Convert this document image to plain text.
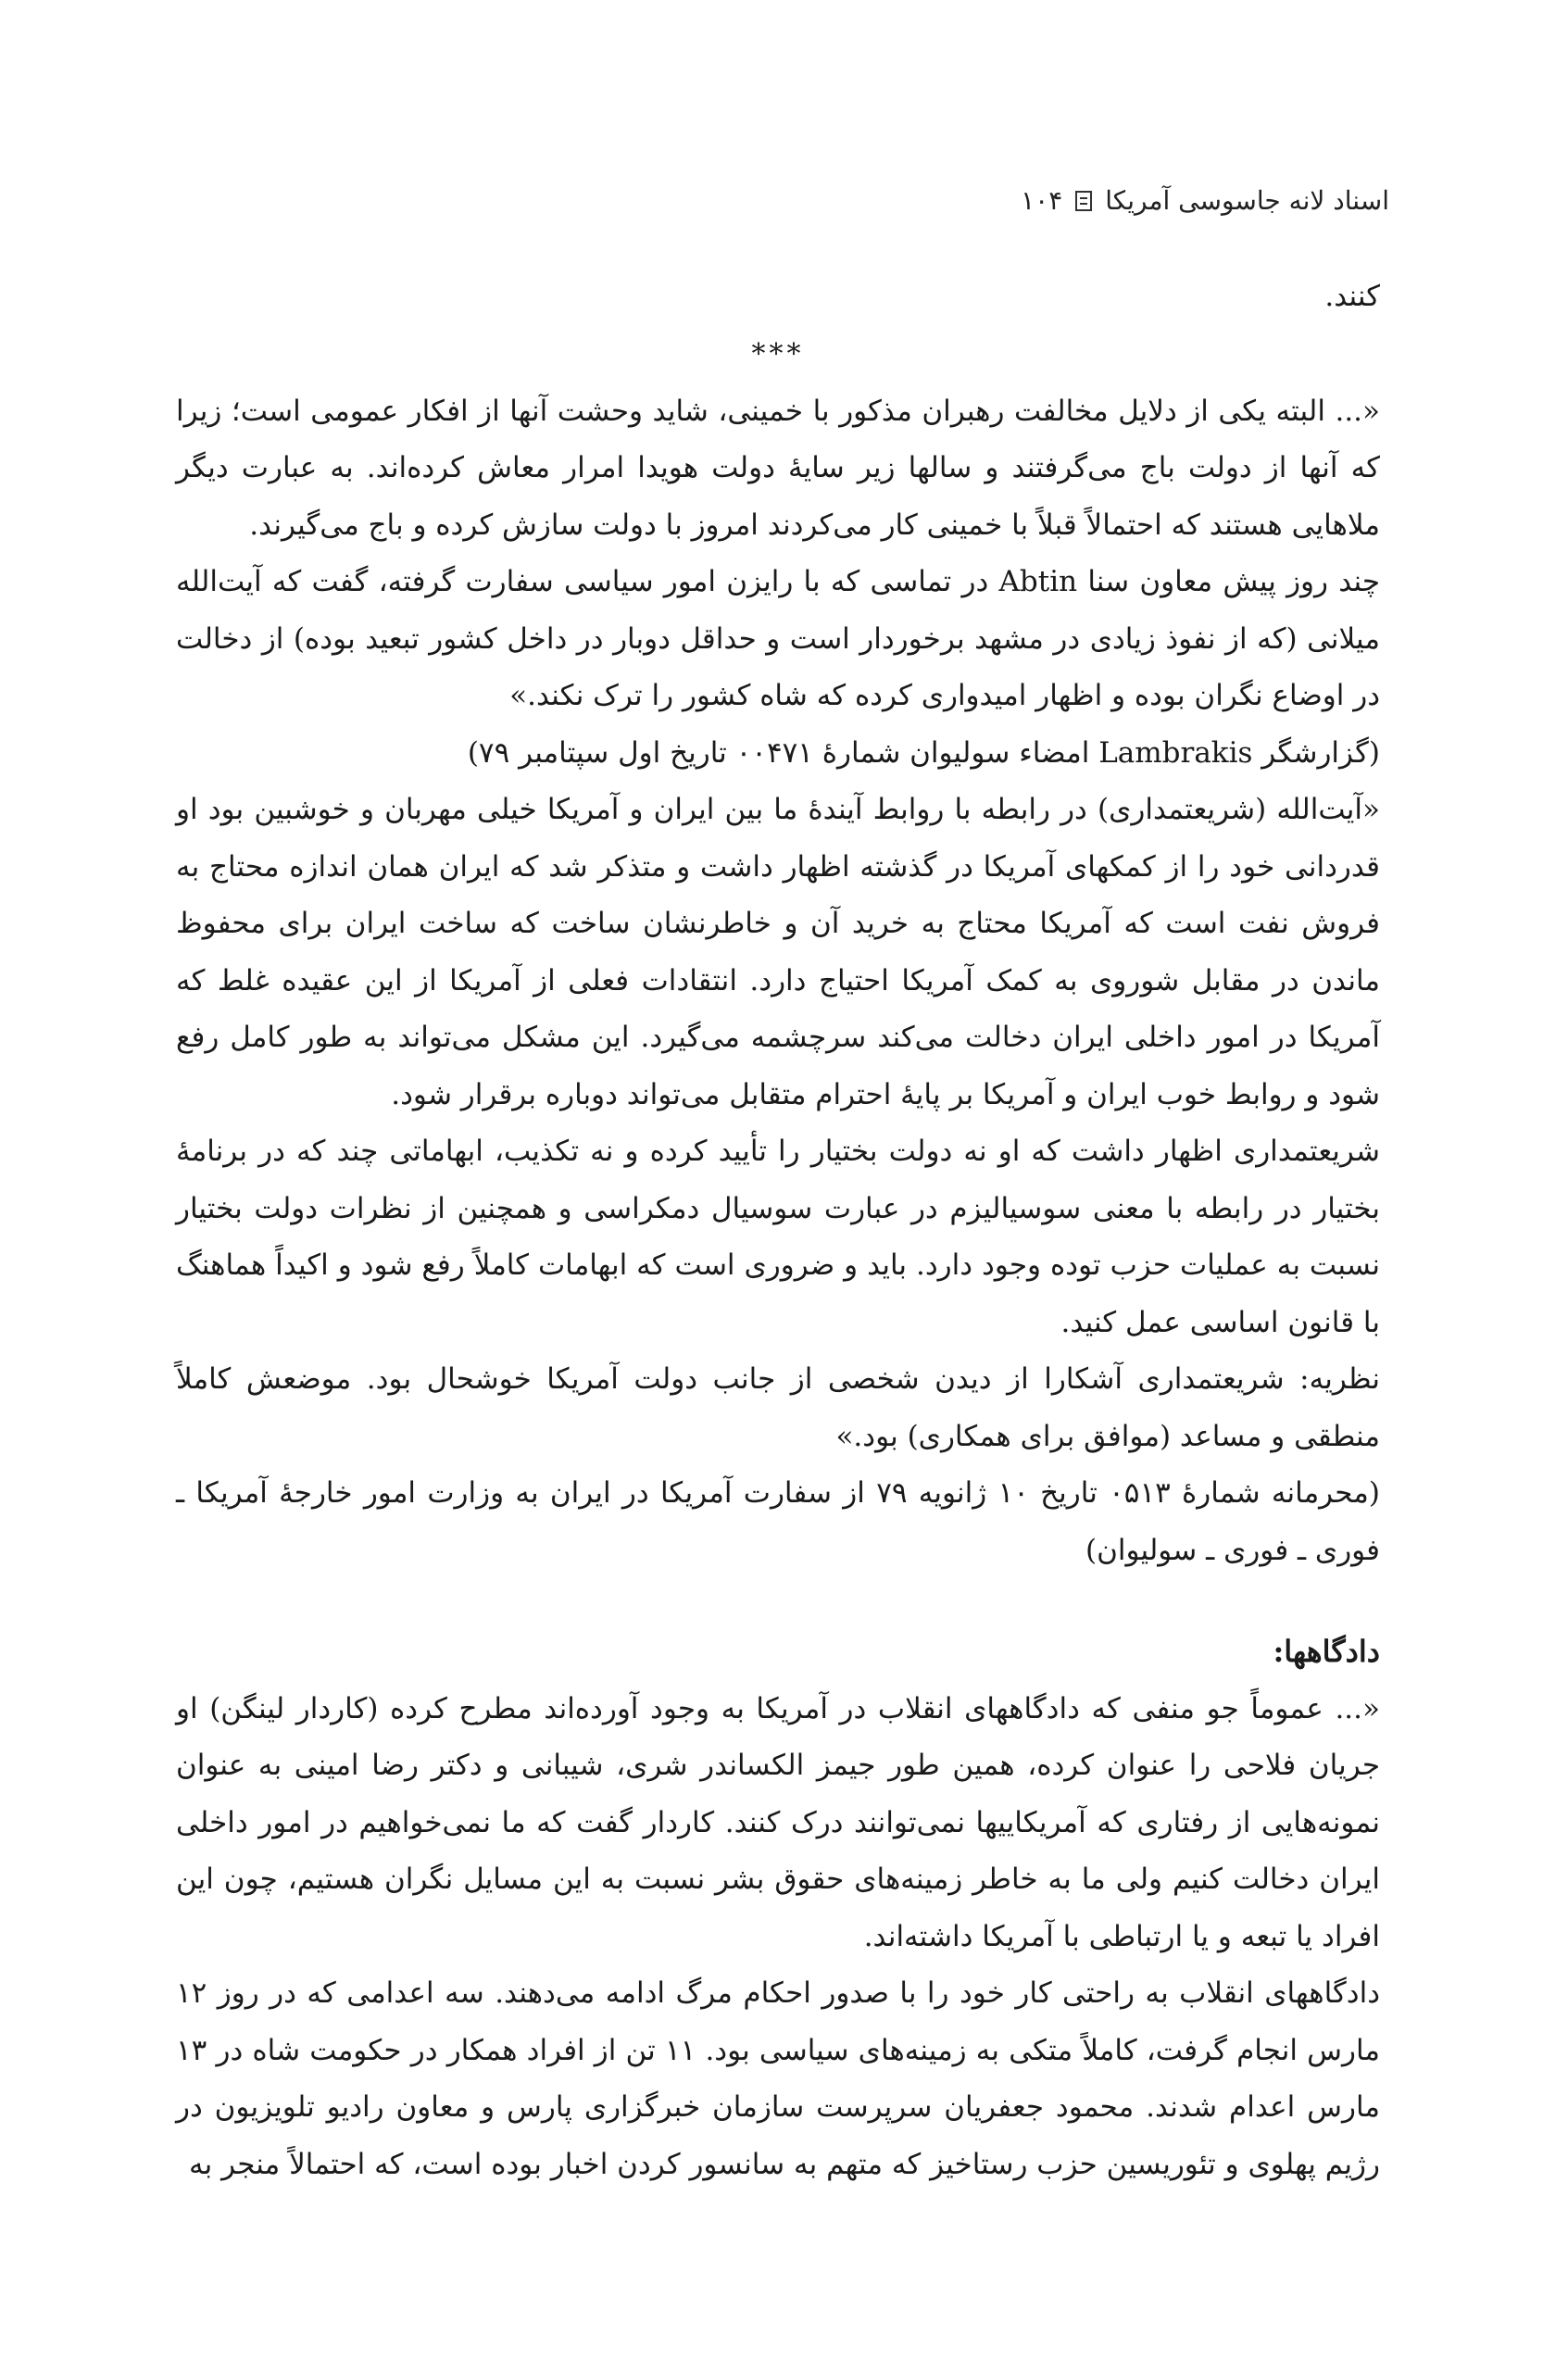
اسناد لانه جاسوسی آمریکا
۱۰۴

کنند.

***

«... البته یکی از دلایل مخالفت رهبران مذکور با خمینی، شاید وحشت آنها از افکار عمومی است؛ زیرا که آنها از دولت باج می‌گرفتند و سالها زیر سایهٔ دولت هویدا امرار معاش کرده‌اند. به عبارت دیگر ملاهایی هستند که احتمالاً قبلاً با خمینی کار می‌کردند امروز با دولت سازش کرده و باج می‌گیرند.

چند روز پیش معاون سنا Abtin در تماسی که با رایزن امور سیاسی سفارت گرفته، گفت که آیت‌الله میلانی (که از نفوذ زیادی در مشهد برخوردار است و حداقل دوبار در داخل کشور تبعید بوده) از دخالت در اوضاع نگران بوده و اظهار امیدواری کرده که شاه کشور را ترک نکند.»

(گزارشگر Lambrakis امضاء سولیوان شمارهٔ ۰۰۴۷۱ تاریخ اول سپتامبر ۷۹)

«آیت‌الله (شریعتمداری) در رابطه با روابط آیندهٔ ما بین ایران و آمریکا خیلی مهربان و خوشبین بود او قدردانی خود را از کمکهای آمریکا در گذشته اظهار داشت و متذکر شد که ایران همان اندازه محتاج به فروش نفت است که آمریکا محتاج به خرید آن و خاطرنشان ساخت که ساخت ایران برای محفوظ ماندن در مقابل شوروی به کمک آمریکا احتیاج دارد. انتقادات فعلی از آمریکا از این عقیده غلط که آمریکا در امور داخلی ایران دخالت می‌کند سرچشمه می‌گیرد. این مشکل می‌تواند به طور کامل رفع شود و روابط خوب ایران و آمریکا بر پایهٔ احترام متقابل می‌تواند دوباره برقرار شود.

شریعتمداری اظهار داشت که او نه دولت بختیار را تأیید کرده و نه تکذیب، ابهاماتی چند که در برنامهٔ بختیار در رابطه با معنی سوسیالیزم در عبارت سوسیال دمکراسی و همچنین از نظرات دولت بختیار نسبت به عملیات حزب توده وجود دارد. باید و ضروری است که ابهامات کاملاً رفع شود و اکیداً هماهنگ با قانون اساسی عمل کنید.

نظریه: شریعتمداری آشکارا از دیدن شخصی از جانب دولت آمریکا خوشحال بود. موضعش کاملاً منطقی و مساعد (موافق برای همکاری) بود.»

(محرمانه شمارهٔ ۰۵۱۳ تاریخ ۱۰ ژانویه ۷۹ از سفارت آمریکا در ایران به وزارت امور خارجهٔ آمریکا ـ فوری ـ فوری ـ سولیوان)

دادگاهها:

«... عموماً جو منفی که دادگاههای انقلاب در آمریکا به وجود آورده‌اند مطرح کرده (کاردار لینگن) او جریان فلاحی را عنوان کرده، همین طور جیمز الکساندر شری، شیبانی و دکتر رضا امینی به عنوان نمونه‌هایی از رفتاری که آمریکاییها نمی‌توانند درک کنند. کاردار گفت که ما نمی‌خواهیم در امور داخلی ایران دخالت کنیم ولی ما به خاطر زمینه‌های حقوق بشر نسبت به این مسایل نگران هستیم، چون این افراد یا تبعه و یا ارتباطی با آمریکا داشته‌اند.

دادگاههای انقلاب به راحتی کار خود را با صدور احکام مرگ ادامه می‌دهند. سه اعدامی که در روز ۱۲ مارس انجام گرفت، کاملاً متکی به زمینه‌های سیاسی بود. ۱۱ تن از افراد همکار در حکومت شاه در ۱۳ مارس اعدام شدند. محمود جعفریان سرپرست سازمان خبرگزاری پارس و معاون رادیو تلویزیون در رژیم پهلوی و تئوریسین حزب رستاخیز که متهم به سانسور کردن اخبار بوده است، که احتمالاً منجر به
